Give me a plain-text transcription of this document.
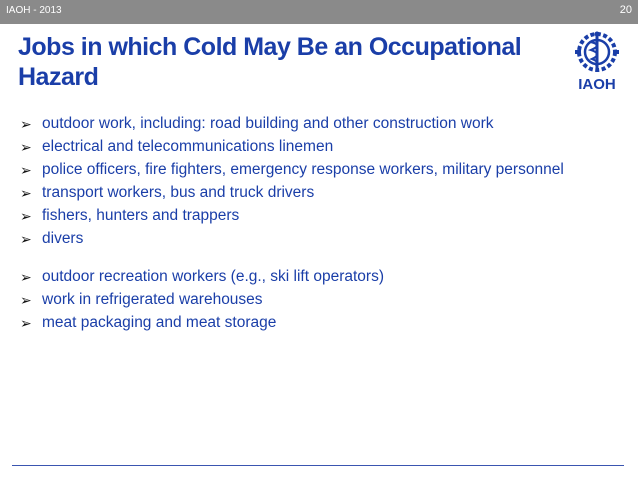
IAOH - 2013	20
Jobs in which Cold May Be an Occupational Hazard	IAOH
➢ outdoor work, including: road building and other construction work
➢ electrical and telecommunications linemen
➢ police officers, fire fighters, emergency response workers, military personnel
➢ transport workers, bus and truck drivers
➢ fishers, hunters and trappers
➢ divers
➢ outdoor recreation workers (e.g., ski lift operators)
➢ work in refrigerated warehouses
➢ meat packaging and meat storage
